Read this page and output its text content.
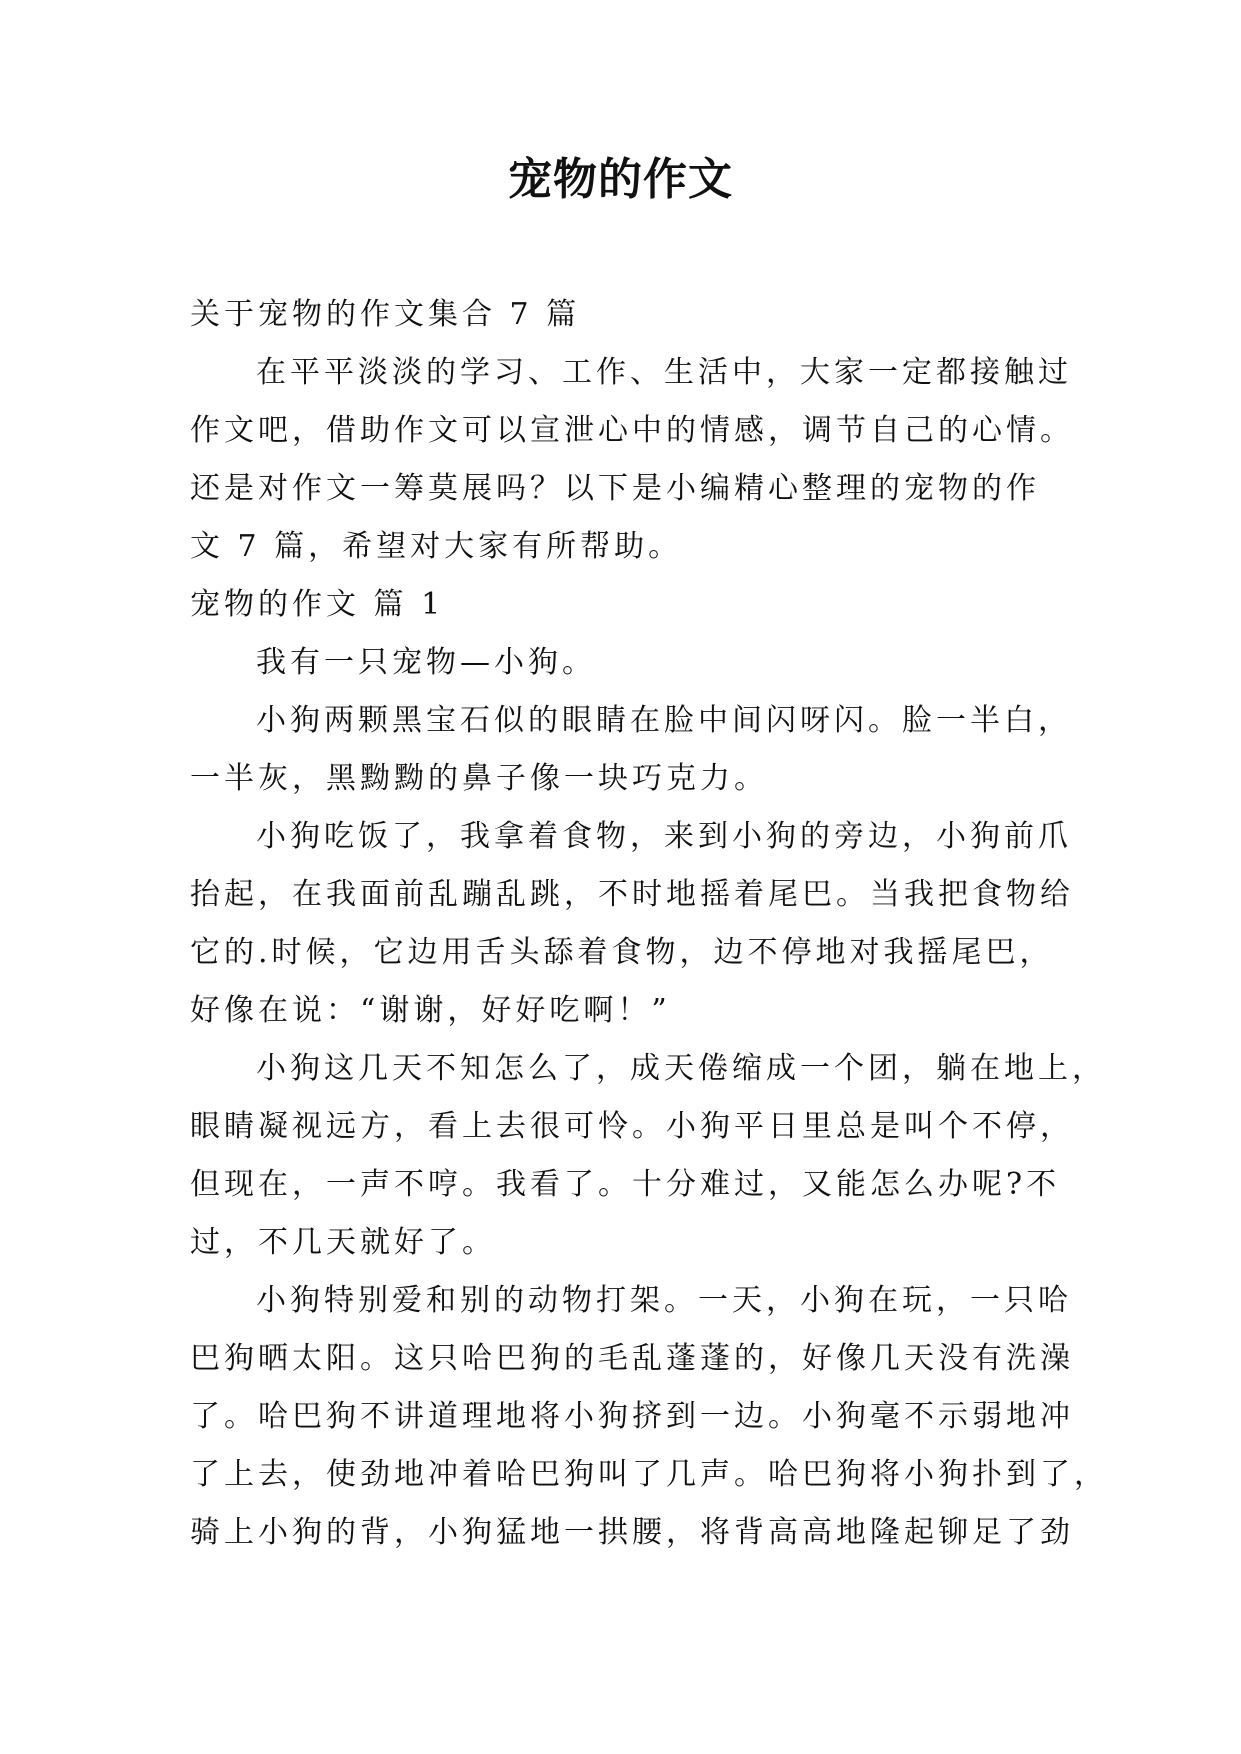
宠物的作文
关于宠物的作文集合 7 篇
在平平淡淡的学习、工作、生活中，大家一定都接触过
作文吧，借助作文可以宣泄心中的情感，调节自己的心情。
还是对作文一筹莫展吗？以下是小编精心整理的宠物的作
文 7 篇，希望对大家有所帮助。
宠物的作文 篇 1
我有一只宠物—小狗。
小狗两颗黑宝石似的眼睛在脸中间闪呀闪。脸一半白，
一半灰，黑黝黝的鼻子像一块巧克力。
小狗吃饭了，我拿着食物，来到小狗的旁边，小狗前爪
抬起，在我面前乱蹦乱跳，不时地摇着尾巴。当我把食物给
它的.时候，它边用舌头舔着食物，边不停地对我摇尾巴，
好像在说：“谢谢，好好吃啊！”
小狗这几天不知怎么了，成天倦缩成一个团，躺在地上，
眼睛凝视远方，看上去很可怜。小狗平日里总是叫个不停，
但现在，一声不哼。我看了。十分难过，又能怎么办呢?不
过，不几天就好了。
小狗特别爱和别的动物打架。一天，小狗在玩，一只哈
巴狗晒太阳。这只哈巴狗的毛乱蓬蓬的，好像几天没有洗澡
了。哈巴狗不讲道理地将小狗挤到一边。小狗毫不示弱地冲
了上去，使劲地冲着哈巴狗叫了几声。哈巴狗将小狗扑到了，
骑上小狗的背，小狗猛地一拱腰，将背高高地隆起铆足了劲
